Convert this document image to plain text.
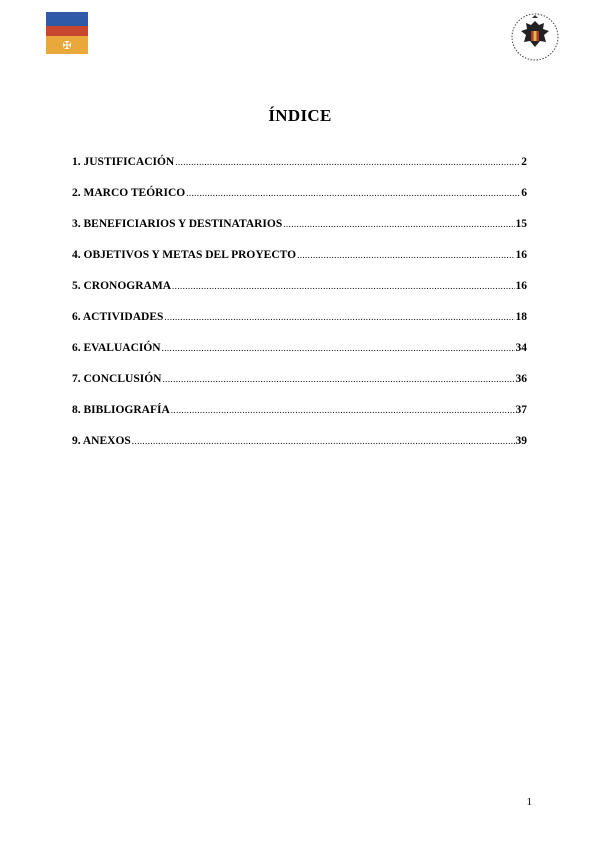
✠
ÍNDICE
1. JUSTIFICACIÓN .....	2
2. MARCO TEÓRICO .....	6
3. BENEFICIARIOS Y DESTINATARIOS .....	15
4. OBJETIVOS Y METAS DEL PROYECTO .....	16
5. CRONOGRAMA .....	16
6. ACTIVIDADES .....	18
6. EVALUACIÓN .....	34
7. CONCLUSIÓN .....	36
8. BIBLIOGRAFÍA .....	37
9. ANEXOS .....	39
1
